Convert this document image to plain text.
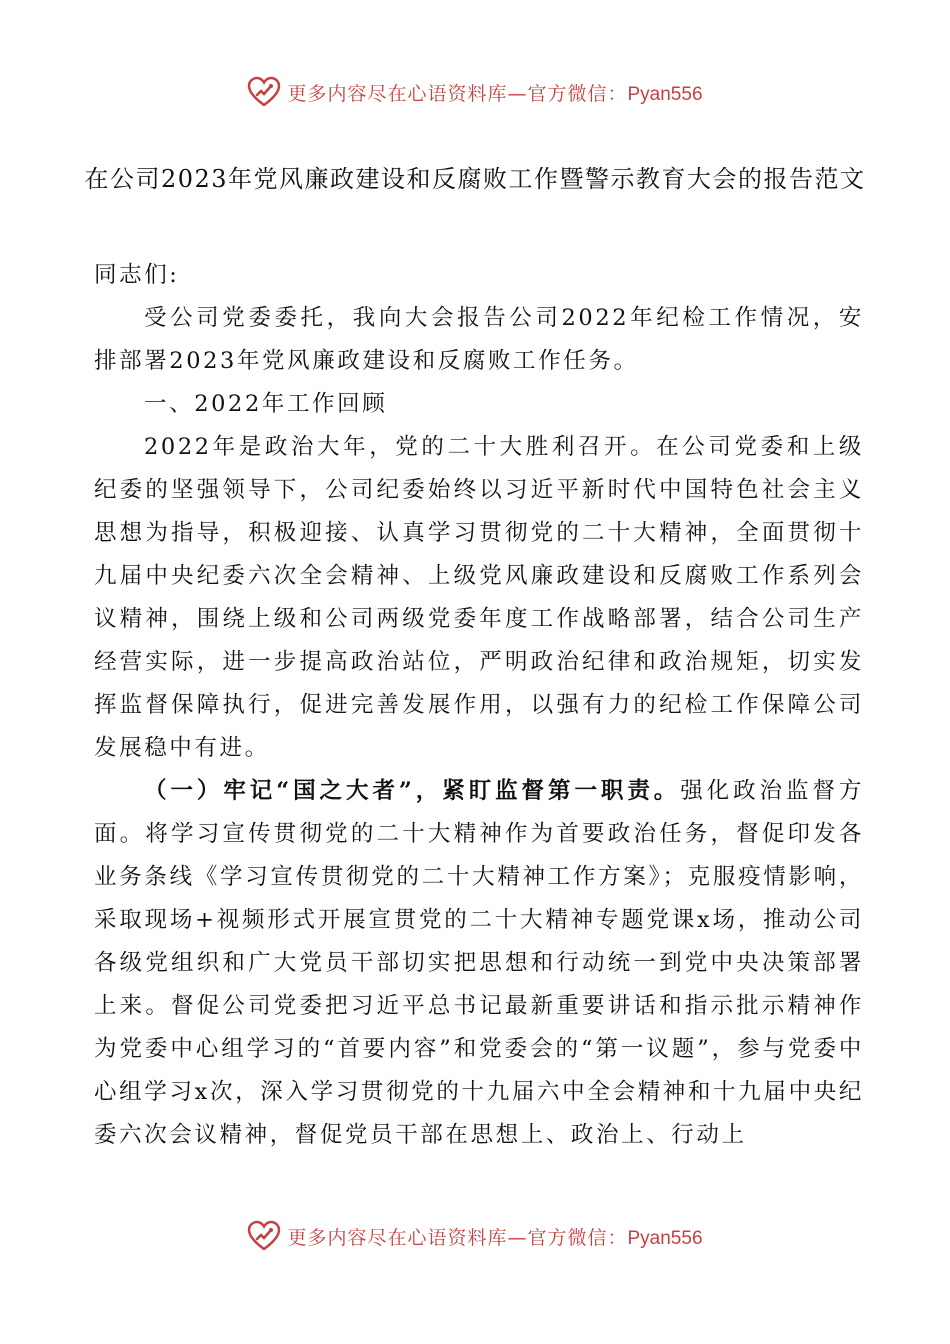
更多内容尽在心语资料库—官方微信：Pyan556
在公司2023年党风廉政建设和反腐败工作暨警示教育大会的报告范文

同志们:

受公司党委委托，我向大会报告公司2022年纪检工作情况，安排部署2023年党风廉政建设和反腐败工作任务。

一、2022年工作回顾

2022年是政治大年，党的二十大胜利召开。在公司党委和上级纪委的坚强领导下，公司纪委始终以习近平新时代中国特色社会主义思想为指导，积极迎接、认真学习贯彻党的二十大精神，全面贯彻十九届中央纪委六次全会精神、上级党风廉政建设和反腐败工作系列会议精神，围绕上级和公司两级党委年度工作战略部署，结合公司生产经营实际，进一步提高政治站位，严明政治纪律和政治规矩，切实发挥监督保障执行，促进完善发展作用，以强有力的纪检工作保障公司发展稳中有进。

（一）牢记“国之大者”，紧盯监督第一职责。强化政治监督方面。将学习宣传贯彻党的二十大精神作为首要政治任务，督促印发各业务条线《学习宣传贯彻党的二十大精神工作方案》；克服疫情影响，采取现场+视频形式开展宣贯党的二十大精神专题党课x场，推动公司各级党组织和广大党员干部切实把思想和行动统一到党中央决策部署上来。督促公司党委把习近平总书记最新重要讲话和指示批示精神作为党委中心组学习的“首要内容”和党委会的“第一议题”，参与党委中心组学习x次，深入学习贯彻党的十九届六中全会精神和十九届中央纪委六次会议精神，督促党员干部在思想上、政治上、行动上

更多内容尽在心语资料库—官方微信：Pyan556
